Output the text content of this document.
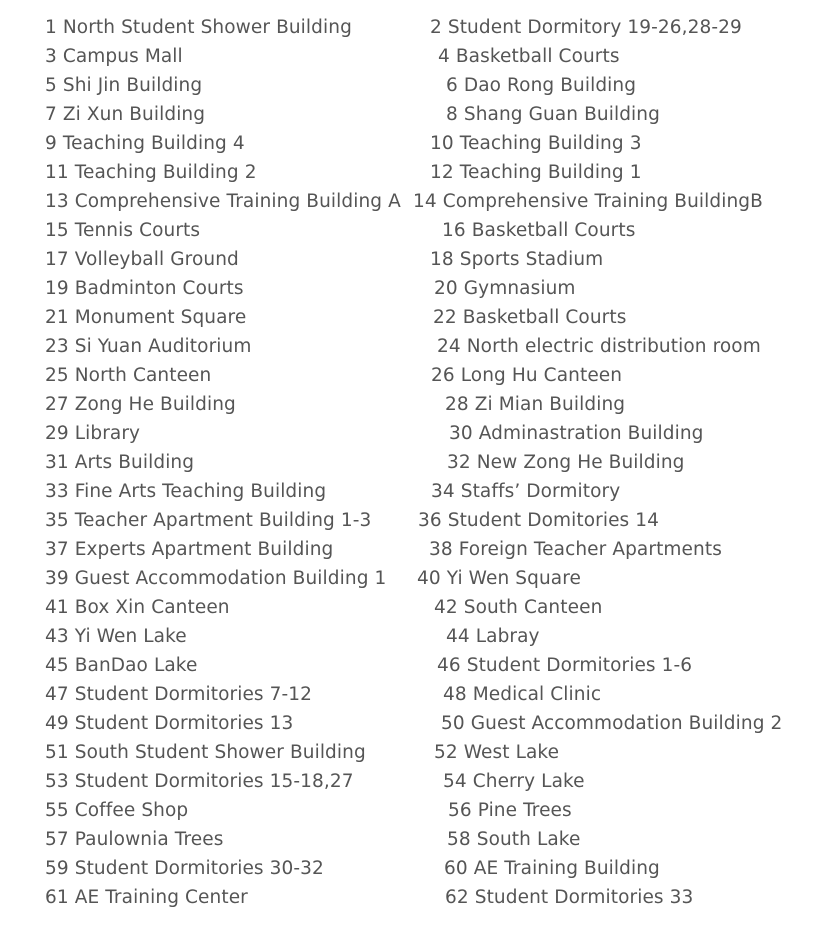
1 North Student Shower Building	2 Student Dormitory 19-26,28-29
3 Campus Mall	4 Basketball Courts
5 Shi Jin Building	6 Dao Rong Building
7 Zi Xun Building	8 Shang Guan Building
9 Teaching Building 4	10 Teaching Building 3
11 Teaching Building 2	12 Teaching Building 1
13 Comprehensive Training Building A 14 Comprehensive Training BuildingB
15 Tennis Courts	16 Basketball Courts
17 Volleyball Ground	18 Sports Stadium
19 Badminton Courts	20 Gymnasium
21 Monument Square	22 Basketball Courts
23 Si Yuan Auditorium	24 North electric distribution room
25 North Canteen	26 Long Hu Canteen
27 Zong He Building	28 Zi Mian Building
29 Library	30 Adminastration Building
31 Arts Building	32 New Zong He Building
33 Fine Arts Teaching Building	34 Staffs’ Dormitory
35 Teacher Apartment Building 1-3	36 Student Domitories 14
37 Experts Apartment Building	38 Foreign Teacher Apartments
39 Guest Accommodation Building 1 40 Yi Wen Square
41 Box Xin Canteen	42 South Canteen
43 Yi Wen Lake	44 Labray
45 BanDao Lake	46 Student Dormitories 1-6
47 Student Dormitories 7-12	48 Medical Clinic
49 Student Dormitories 13	50 Guest Accommodation Building 2
51 South Student Shower Building	52 West Lake
53 Student Dormitories 15-18,27	54 Cherry Lake
55 Coffee Shop	56 Pine Trees
57 Paulownia Trees	58 South Lake
59 Student Dormitories 30-32	60 AE Training Building
61 AE Training Center	62 Student Dormitories 33
